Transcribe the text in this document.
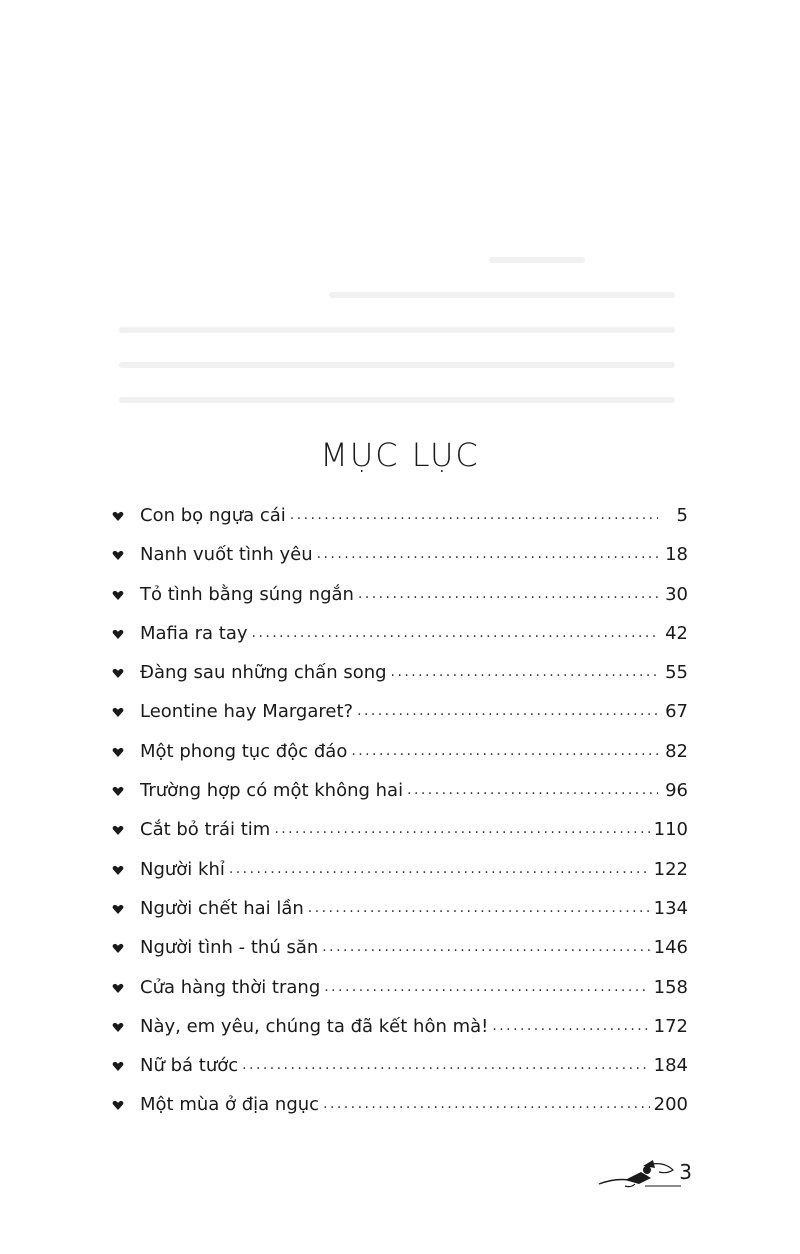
MỤC LỤC
Con bọ ngựa cái . . .	5
Nanh vuốt tình yêu . . .	18
Tỏ tình bằng súng ngắn . . .	30
Mafia ra tay . . .	42
Đàng sau những chấn song . . .	55
Leontine hay Margaret? . . .	67
Một phong tục độc đáo . . .	82
Trường hợp có một không hai . . .	96
Cắt bỏ trái tim . . .	110
Người khỉ . . .	122
Người chết hai lần . . .	134
Người tình - thú săn . . .	146
Cửa hàng thời trang . . .	158
Này, em yêu, chúng ta đã kết hôn mà! . . .	172
Nữ bá tước . . .	184
Một mùa ở địa ngục . . .	200
3
